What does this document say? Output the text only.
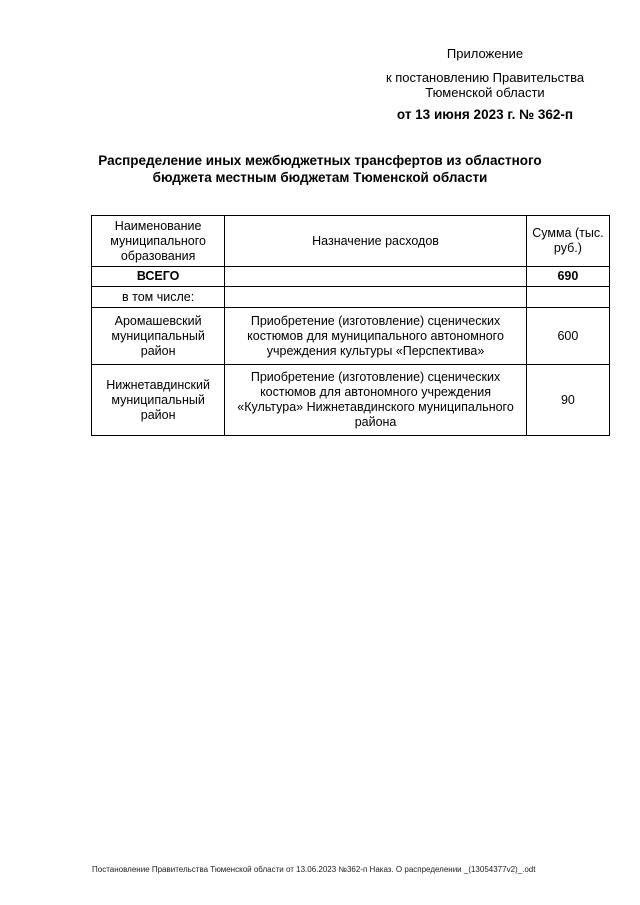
Приложение
к постановлению Правительства
Тюменской области
от 13 июня 2023 г. № 362-п
Распределение иных межбюджетных трансфертов из областного
бюджета местным бюджетам Тюменской области
Наименование муниципального образования	Назначение расходов	Сумма (тыс. руб.)
ВСЕГО		690
в том числе:		
Аромашевский муниципальный район	Приобретение (изготовление) сценических костюмов для муниципального автономного учреждения культуры «Перспектива»	600
Нижнетавдинский муниципальный район	Приобретение (изготовление) сценических костюмов для автономного учреждения «Культура» Нижнетавдинского муниципального района	90
Постановление Правительства Тюменской области от 13.06.2023 №362-п Наказ. О распределении _(13054377v2)_.odt
